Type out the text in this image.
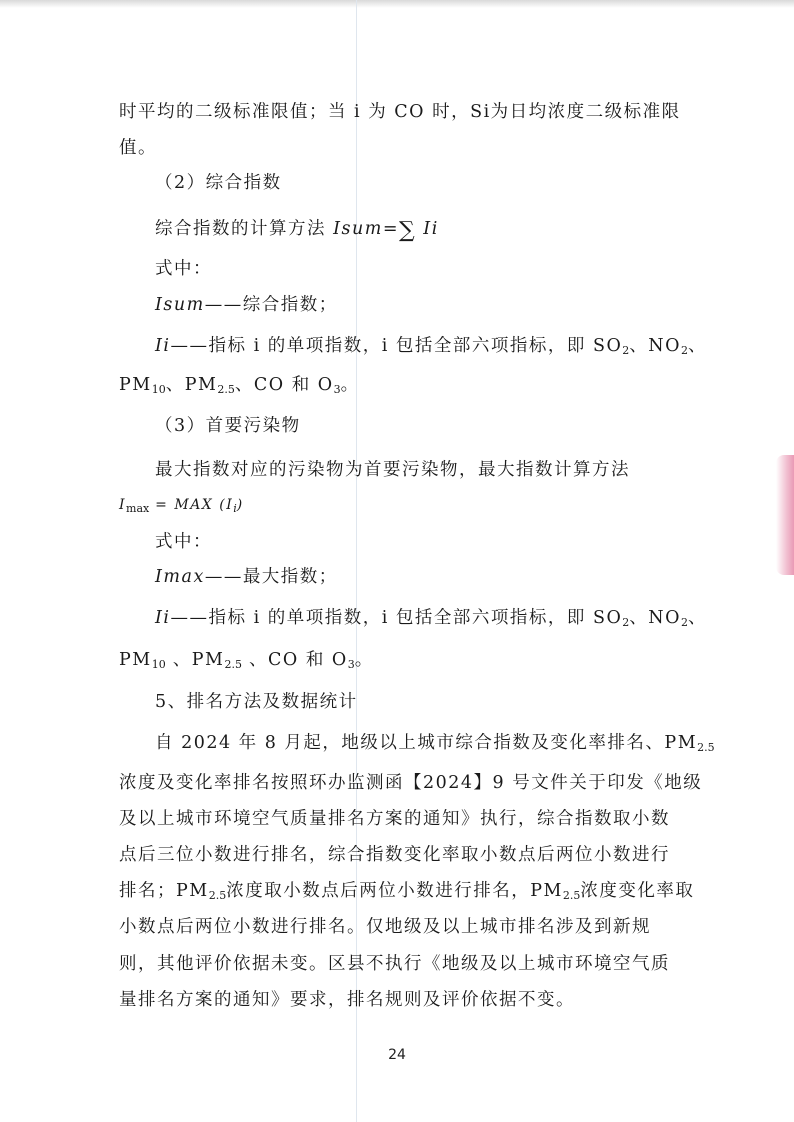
时平均的二级标准限值；当 i 为 CO 时，Si为日均浓度二级标准限
值。
（2）综合指数
综合指数的计算方法 Isum=∑ Ii
式中：
Isum——综合指数；
Ii——指标 i 的单项指数，i 包括全部六项指标，即 $SO_2$、$NO_2$、
$PM_{10}$、$PM_{2.5}$、CO 和 $O_3$。
（3）首要污染物
最大指数对应的污染物为首要污染物，最大指数计算方法
$I_{max}$ = MAX $(I_i)$
式中：
Imax——最大指数；
Ii——指标 i 的单项指数，i 包括全部六项指标，即 $SO_2$、$NO_2$、
$PM_{10}$ 、$PM_{2.5}$ 、CO 和 $O_3$。
5、排名方法及数据统计
自 2024 年 8 月起，地级以上城市综合指数及变化率排名、$PM_{2.5}$
浓度及变化率排名按照环办监测函【2024】9 号文件关于印发《地级
及以上城市环境空气质量排名方案的通知》执行，综合指数取小数
点后三位小数进行排名，综合指数变化率取小数点后两位小数进行
排名；$PM_{2.5}$浓度取小数点后两位小数进行排名，$PM_{2.5}$浓度变化率取
小数点后两位小数进行排名。仅地级及以上城市排名涉及到新规
则，其他评价依据未变。区县不执行《地级及以上城市环境空气质
量排名方案的通知》要求，排名规则及评价依据不变。
24
